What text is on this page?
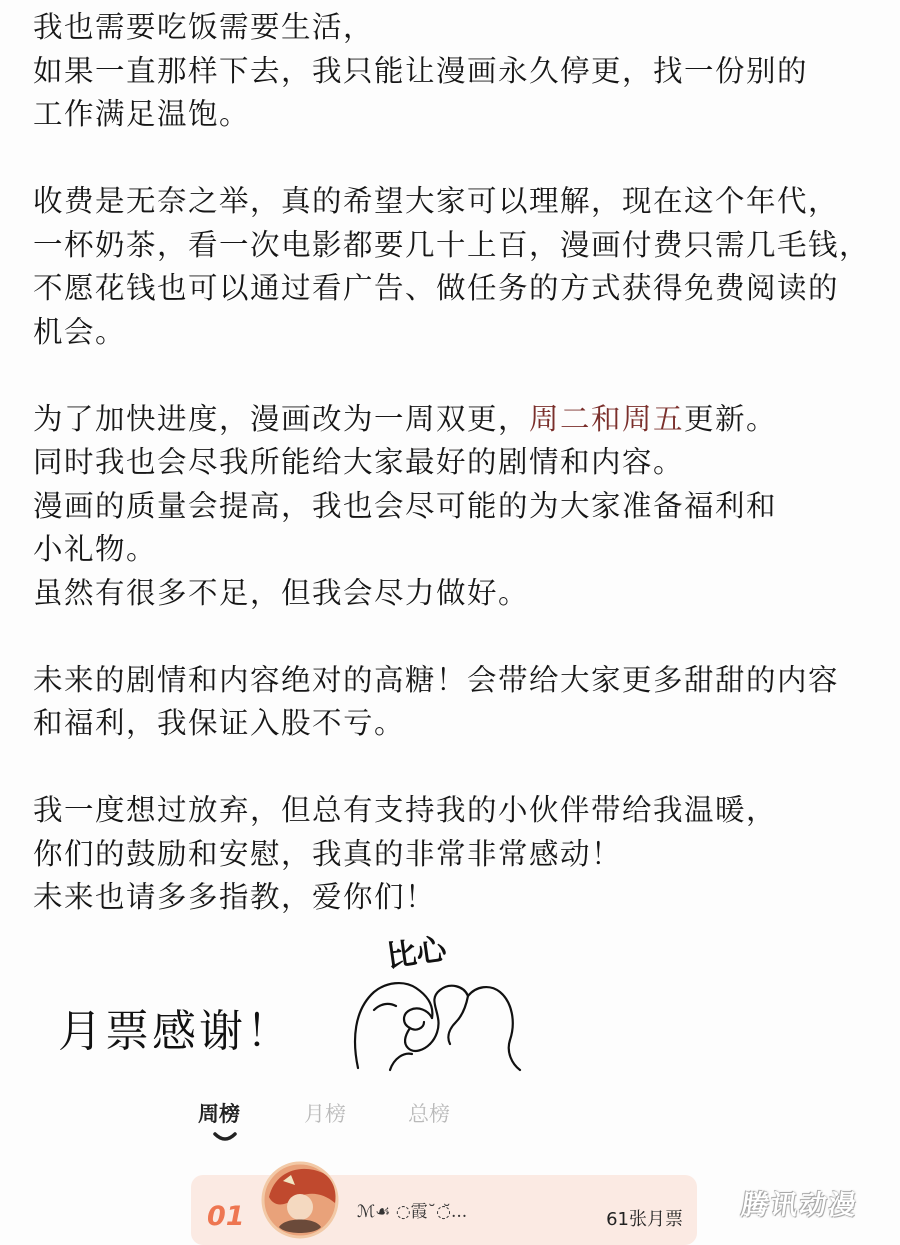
我也需要吃饭需要生活，
如果一直那样下去，我只能让漫画永久停更，找一份别的
工作满足温饱。
收费是无奈之举，真的希望大家可以理解，现在这个年代，
一杯奶茶，看一次电影都要几十上百，漫画付费只需几毛钱，
不愿花钱也可以通过看广告、做任务的方式获得免费阅读的
机会。
为了加快进度，漫画改为一周双更，周二和周五更新。
同时我也会尽我所能给大家最好的剧情和内容。
漫画的质量会提高，我也会尽可能的为大家准备福利和
小礼物。
虽然有很多不足，但我会尽力做好。
未来的剧情和内容绝对的高糖！会带给大家更多甜甜的内容
和福利，我保证入股不亏。
我一度想过放弃，但总有支持我的小伙伴带给我温暖，
你们的鼓励和安慰，我真的非常非常感动！
未来也请多多指教，爱你们！
月票感谢！
比心
周榜	月榜	总榜
01	ℳ☙ ◌霞˘◌̆...	61张月票 腾讯动漫
